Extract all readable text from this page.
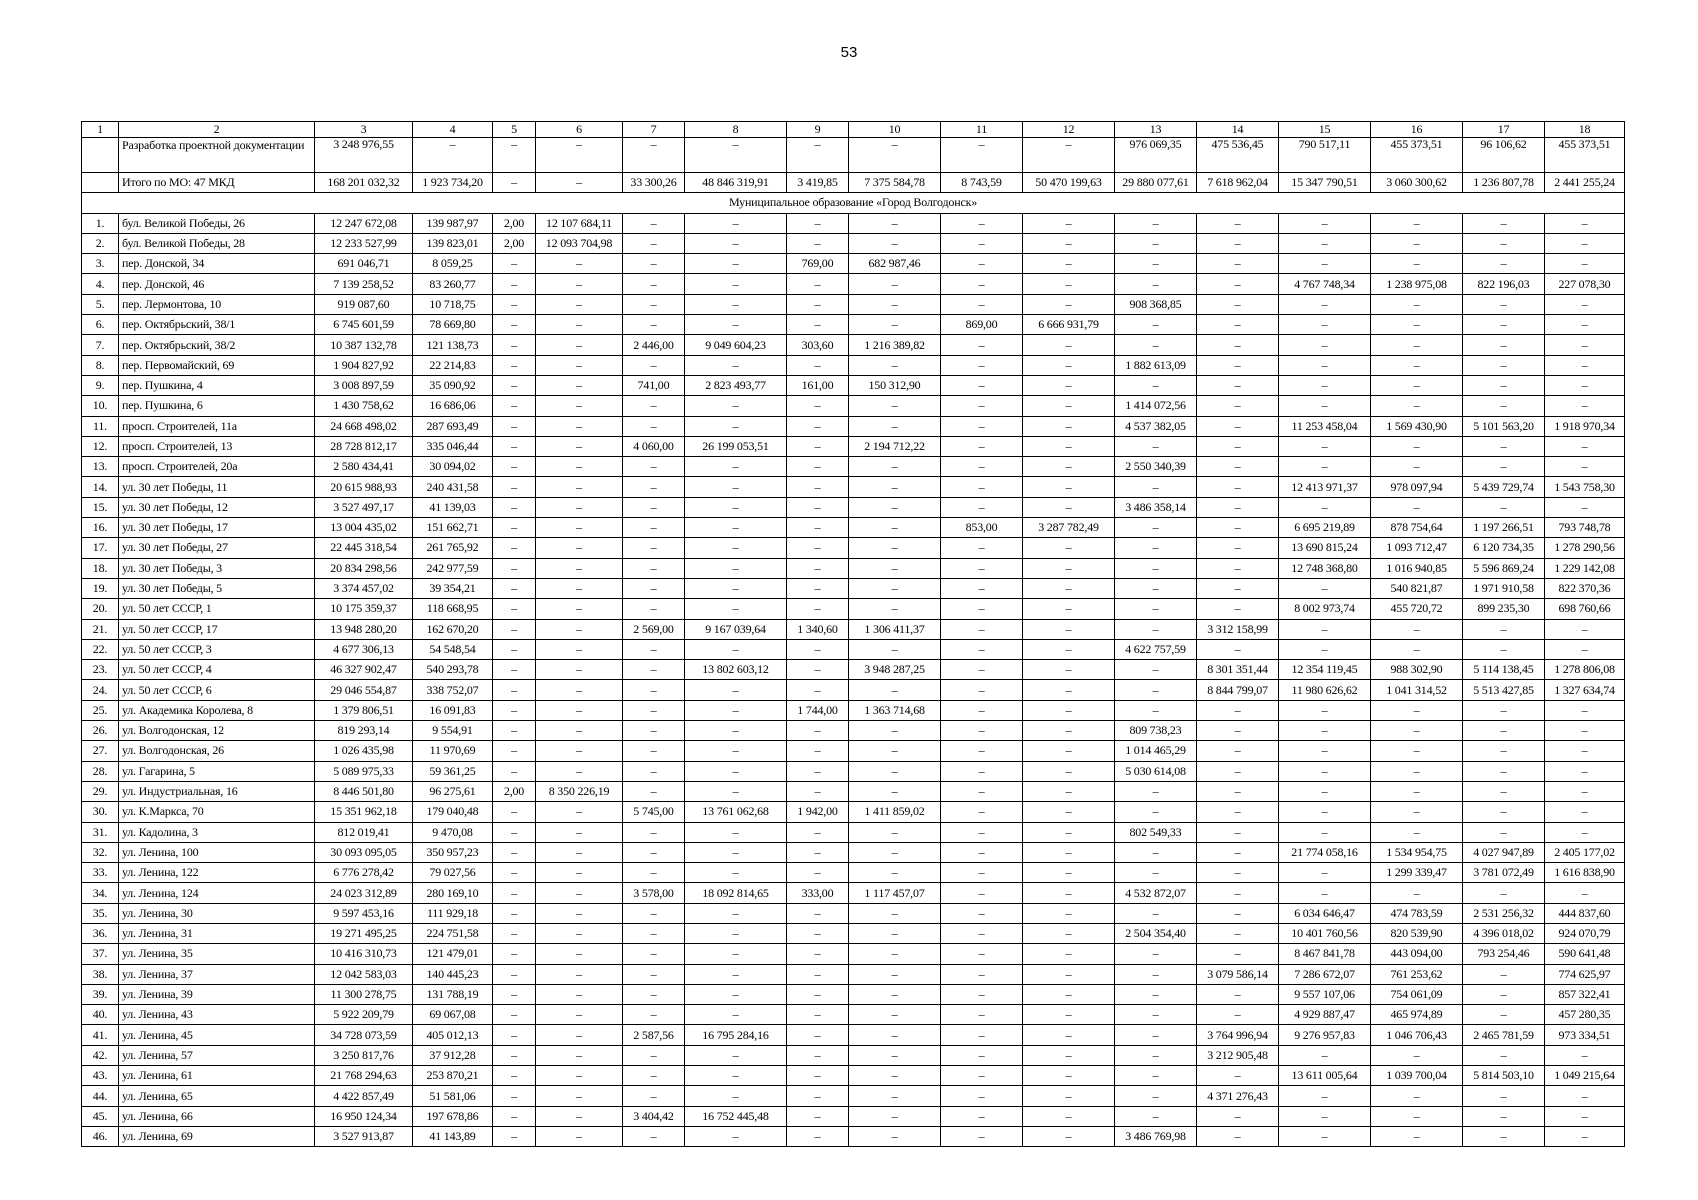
53
1	2	3	4	5	6	7	8	9	10	11	12	13	14	15	16	17	18
	Разработка проектной документации	3 248 976,55	–	–	–	–	–	–	–	–	–	976 069,35	475 536,45	790 517,11	455 373,51	96 106,62	455 373,51
	Итого по МО: 47 МКД	168 201 032,32	1 923 734,20	–	–	33 300,26	48 846 319,91	3 419,85	7 375 584,78	8 743,59	50 470 199,63	29 880 077,61	7 618 962,04	15 347 790,51	3 060 300,62	1 236 807,78	2 441 255,24
Муниципальное образование «Город Волгодонск»																	
1.	бул. Великой Победы, 26	12 247 672,08	139 987,97	2,00	12 107 684,11	–	–	–	–	–	–	–	–	–	–	–	–
2.	бул. Великой Победы, 28	12 233 527,99	139 823,01	2,00	12 093 704,98	–	–	–	–	–	–	–	–	–	–	–	–
3.	пер. Донской, 34	691 046,71	8 059,25	–	–	–	–	769,00	682 987,46	–	–	–	–	–	–	–	–
4.	пер. Донской, 46	7 139 258,52	83 260,77	–	–	–	–	–	–	–	–	–	–	4 767 748,34	1 238 975,08	822 196,03	227 078,30
5.	пер. Лермонтова, 10	919 087,60	10 718,75	–	–	–	–	–	–	–	–	908 368,85	–	–	–	–	–
6.	пер. Октябрьский, 38/1	6 745 601,59	78 669,80	–	–	–	–	–	–	869,00	6 666 931,79	–	–	–	–	–	–
7.	пер. Октябрьский, 38/2	10 387 132,78	121 138,73	–	–	2 446,00	9 049 604,23	303,60	1 216 389,82	–	–	–	–	–	–	–	–
8.	пер. Первомайский, 69	1 904 827,92	22 214,83	–	–	–	–	–	–	–	–	1 882 613,09	–	–	–	–	–
9.	пер. Пушкина, 4	3 008 897,59	35 090,92	–	–	741,00	2 823 493,77	161,00	150 312,90	–	–	–	–	–	–	–	–
10.	пер. Пушкина, 6	1 430 758,62	16 686,06	–	–	–	–	–	–	–	–	1 414 072,56	–	–	–	–	–
11.	просп. Строителей, 11а	24 668 498,02	287 693,49	–	–	–	–	–	–	–	–	4 537 382,05	–	11 253 458,04	1 569 430,90	5 101 563,20	1 918 970,34
12.	просп. Строителей, 13	28 728 812,17	335 046,44	–	–	4 060,00	26 199 053,51	–	2 194 712,22	–	–	–	–	–	–	–	–
13.	просп. Строителей, 20а	2 580 434,41	30 094,02	–	–	–	–	–	–	–	–	2 550 340,39	–	–	–	–	–
14.	ул. 30 лет Победы, 11	20 615 988,93	240 431,58	–	–	–	–	–	–	–	–	–	–	12 413 971,37	978 097,94	5 439 729,74	1 543 758,30
15.	ул. 30 лет Победы, 12	3 527 497,17	41 139,03	–	–	–	–	–	–	–	–	3 486 358,14	–	–	–	–	–
16.	ул. 30 лет Победы, 17	13 004 435,02	151 662,71	–	–	–	–	–	–	853,00	3 287 782,49	–	–	6 695 219,89	878 754,64	1 197 266,51	793 748,78
17.	ул. 30 лет Победы, 27	22 445 318,54	261 765,92	–	–	–	–	–	–	–	–	–	–	13 690 815,24	1 093 712,47	6 120 734,35	1 278 290,56
18.	ул. 30 лет Победы, 3	20 834 298,56	242 977,59	–	–	–	–	–	–	–	–	–	–	12 748 368,80	1 016 940,85	5 596 869,24	1 229 142,08
19.	ул. 30 лет Победы, 5	3 374 457,02	39 354,21	–	–	–	–	–	–	–	–	–	–	–	540 821,87	1 971 910,58	822 370,36
20.	ул. 50 лет СССР, 1	10 175 359,37	118 668,95	–	–	–	–	–	–	–	–	–	–	8 002 973,74	455 720,72	899 235,30	698 760,66
21.	ул. 50 лет СССР, 17	13 948 280,20	162 670,20	–	–	2 569,00	9 167 039,64	1 340,60	1 306 411,37	–	–	–	3 312 158,99	–	–	–	–
22.	ул. 50 лет СССР, 3	4 677 306,13	54 548,54	–	–	–	–	–	–	–	–	4 622 757,59	–	–	–	–	–
23.	ул. 50 лет СССР, 4	46 327 902,47	540 293,78	–	–	–	13 802 603,12	–	3 948 287,25	–	–	–	8 301 351,44	12 354 119,45	988 302,90	5 114 138,45	1 278 806,08
24.	ул. 50 лет СССР, 6	29 046 554,87	338 752,07	–	–	–	–	–	–	–	–	–	8 844 799,07	11 980 626,62	1 041 314,52	5 513 427,85	1 327 634,74
25.	ул. Академика Королева, 8	1 379 806,51	16 091,83	–	–	–	–	1 744,00	1 363 714,68	–	–	–	–	–	–	–	–
26.	ул. Волгодонская, 12	819 293,14	9 554,91	–	–	–	–	–	–	–	–	809 738,23	–	–	–	–	–
27.	ул. Волгодонская, 26	1 026 435,98	11 970,69	–	–	–	–	–	–	–	–	1 014 465,29	–	–	–	–	–
28.	ул. Гагарина, 5	5 089 975,33	59 361,25	–	–	–	–	–	–	–	–	5 030 614,08	–	–	–	–	–
29.	ул. Индустриальная, 16	8 446 501,80	96 275,61	2,00	8 350 226,19	–	–	–	–	–	–	–	–	–	–	–	–
30.	ул. К.Маркса, 70	15 351 962,18	179 040,48	–	–	5 745,00	13 761 062,68	1 942,00	1 411 859,02	–	–	–	–	–	–	–	–
31.	ул. Кадолина, 3	812 019,41	9 470,08	–	–	–	–	–	–	–	–	802 549,33	–	–	–	–	–
32.	ул. Ленина, 100	30 093 095,05	350 957,23	–	–	–	–	–	–	–	–	–	–	21 774 058,16	1 534 954,75	4 027 947,89	2 405 177,02
33.	ул. Ленина, 122	6 776 278,42	79 027,56	–	–	–	–	–	–	–	–	–	–	–	1 299 339,47	3 781 072,49	1 616 838,90
34.	ул. Ленина, 124	24 023 312,89	280 169,10	–	–	3 578,00	18 092 814,65	333,00	1 117 457,07	–	–	4 532 872,07	–	–	–	–	–
35.	ул. Ленина, 30	9 597 453,16	111 929,18	–	–	–	–	–	–	–	–	–	–	6 034 646,47	474 783,59	2 531 256,32	444 837,60
36.	ул. Ленина, 31	19 271 495,25	224 751,58	–	–	–	–	–	–	–	–	2 504 354,40	–	10 401 760,56	820 539,90	4 396 018,02	924 070,79
37.	ул. Ленина, 35	10 416 310,73	121 479,01	–	–	–	–	–	–	–	–	–	–	8 467 841,78	443 094,00	793 254,46	590 641,48
38.	ул. Ленина, 37	12 042 583,03	140 445,23	–	–	–	–	–	–	–	–	–	3 079 586,14	7 286 672,07	761 253,62	–	774 625,97
39.	ул. Ленина, 39	11 300 278,75	131 788,19	–	–	–	–	–	–	–	–	–	–	9 557 107,06	754 061,09	–	857 322,41
40.	ул. Ленина, 43	5 922 209,79	69 067,08	–	–	–	–	–	–	–	–	–	–	4 929 887,47	465 974,89	–	457 280,35
41.	ул. Ленина, 45	34 728 073,59	405 012,13	–	–	2 587,56	16 795 284,16	–	–	–	–	–	3 764 996,94	9 276 957,83	1 046 706,43	2 465 781,59	973 334,51
42.	ул. Ленина, 57	3 250 817,76	37 912,28	–	–	–	–	–	–	–	–	–	3 212 905,48	–	–	–	–
43.	ул. Ленина, 61	21 768 294,63	253 870,21	–	–	–	–	–	–	–	–	–	–	13 611 005,64	1 039 700,04	5 814 503,10	1 049 215,64
44.	ул. Ленина, 65	4 422 857,49	51 581,06	–	–	–	–	–	–	–	–	–	4 371 276,43	–	–	–	–
45.	ул. Ленина, 66	16 950 124,34	197 678,86	–	–	3 404,42	16 752 445,48	–	–	–	–	–	–	–	–	–	–
46.	ул. Ленина, 69	3 527 913,87	41 143,89	–	–	–	–	–	–	–	–	3 486 769,98	–	–	–	–	–
